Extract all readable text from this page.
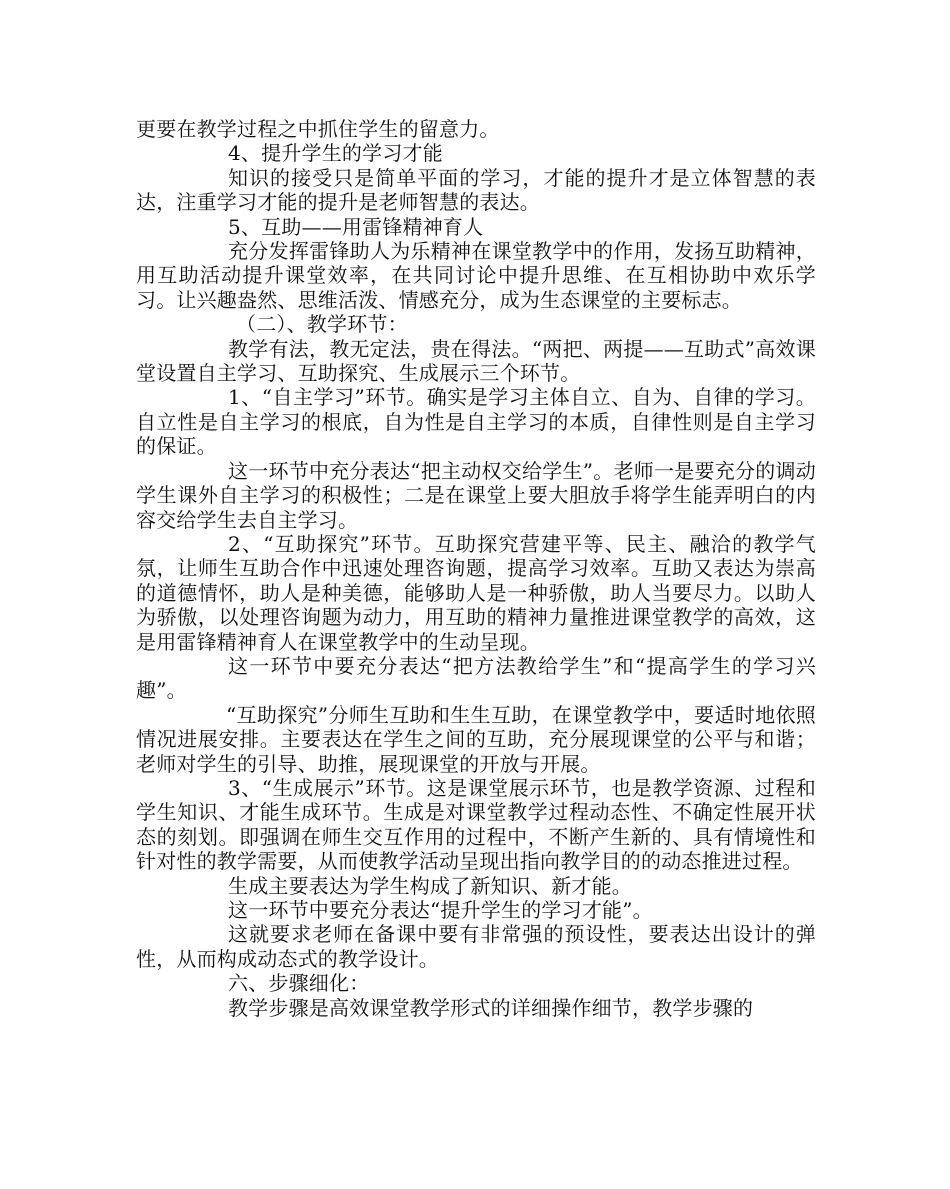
更要在教学过程之中抓住学生的留意力。

4、提升学生的学习才能

知识的接受只是简单平面的学习，才能的提升才是立体智慧的表达，注重学习才能的提升是老师智慧的表达。

5、互助——用雷锋精神育人

充分发挥雷锋助人为乐精神在课堂教学中的作用，发扬互助精神，用互助活动提升课堂效率，在共同讨论中提升思维、在互相协助中欢乐学习。让兴趣盎然、思维活泼、情感充分，成为生态课堂的主要标志。

（二）、教学环节：

教学有法，教无定法，贵在得法。“两把、两提——互助式”高效课堂设置自主学习、互助探究、生成展示三个环节。

1、“自主学习”环节。确实是学习主体自立、自为、自律的学习。自立性是自主学习的根底，自为性是自主学习的本质，自律性则是自主学习的保证。

这一环节中充分表达“把主动权交给学生”。老师一是要充分的调动学生课外自主学习的积极性；二是在课堂上要大胆放手将学生能弄明白的内容交给学生去自主学习。

2、“互助探究”环节。互助探究营建平等、民主、融洽的教学气氛，让师生互助合作中迅速处理咨询题，提高学习效率。互助又表达为崇高的道德情怀，助人是种美德，能够助人是一种骄傲，助人当要尽力。以助人为骄傲，以处理咨询题为动力，用互助的精神力量推进课堂教学的高效，这是用雷锋精神育人在课堂教学中的生动呈现。

这一环节中要充分表达“把方法教给学生”和“提高学生的学习兴趣”。

“互助探究”分师生互助和生生互助，在课堂教学中，要适时地依照情况进展安排。主要表达在学生之间的互助，充分展现课堂的公平与和谐；老师对学生的引导、助推，展现课堂的开放与开展。

3、“生成展示”环节。这是课堂展示环节，也是教学资源、过程和学生知识、才能生成环节。生成是对课堂教学过程动态性、不确定性展开状态的刻划。即强调在师生交互作用的过程中，不断产生新的、具有情境性和针对性的教学需要，从而使教学活动呈现出指向教学目的的动态推进过程。

生成主要表达为学生构成了新知识、新才能。

这一环节中要充分表达“提升学生的学习才能”。

这就要求老师在备课中要有非常强的预设性，要表达出设计的弹性，从而构成动态式的教学设计。

六、步骤细化：

教学步骤是高效课堂教学形式的详细操作细节，教学步骤的
